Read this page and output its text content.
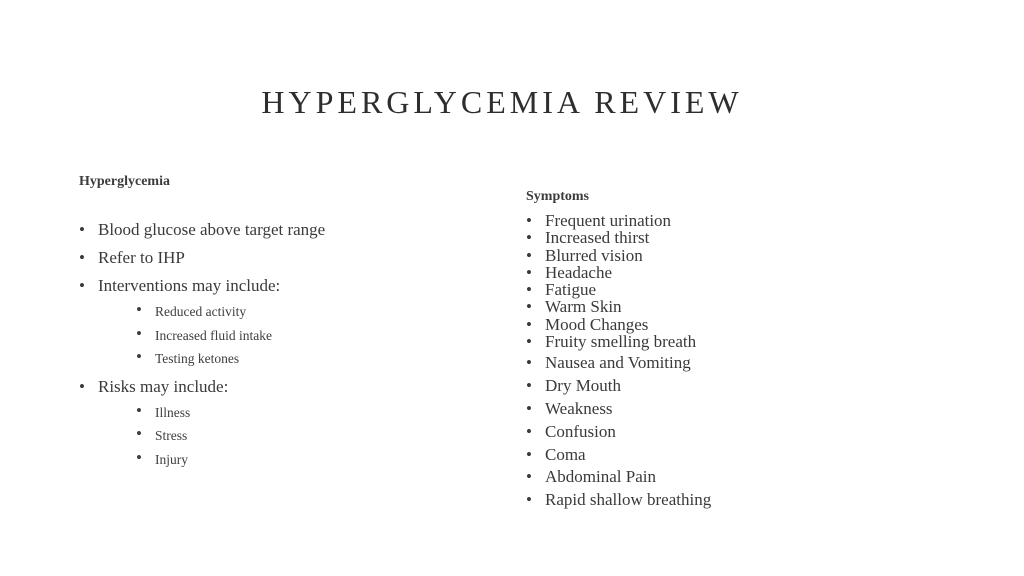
HYPERGLYCEMIA REVIEW
Hyperglycemia
• Blood glucose above target range
• Refer to IHP
• Interventions may include:
• Reduced activity
• Increased fluid intake
• Testing ketones
• Risks may include:
• Illness
• Stress
• Injury
Symptoms
• Frequent urination
• Increased thirst
• Blurred vision
• Headache
• Fatigue
• Warm Skin
• Mood Changes
• Fruity smelling breath
• Nausea and Vomiting
• Dry Mouth
• Weakness
• Confusion
• Coma
• Abdominal Pain
• Rapid shallow breathing
